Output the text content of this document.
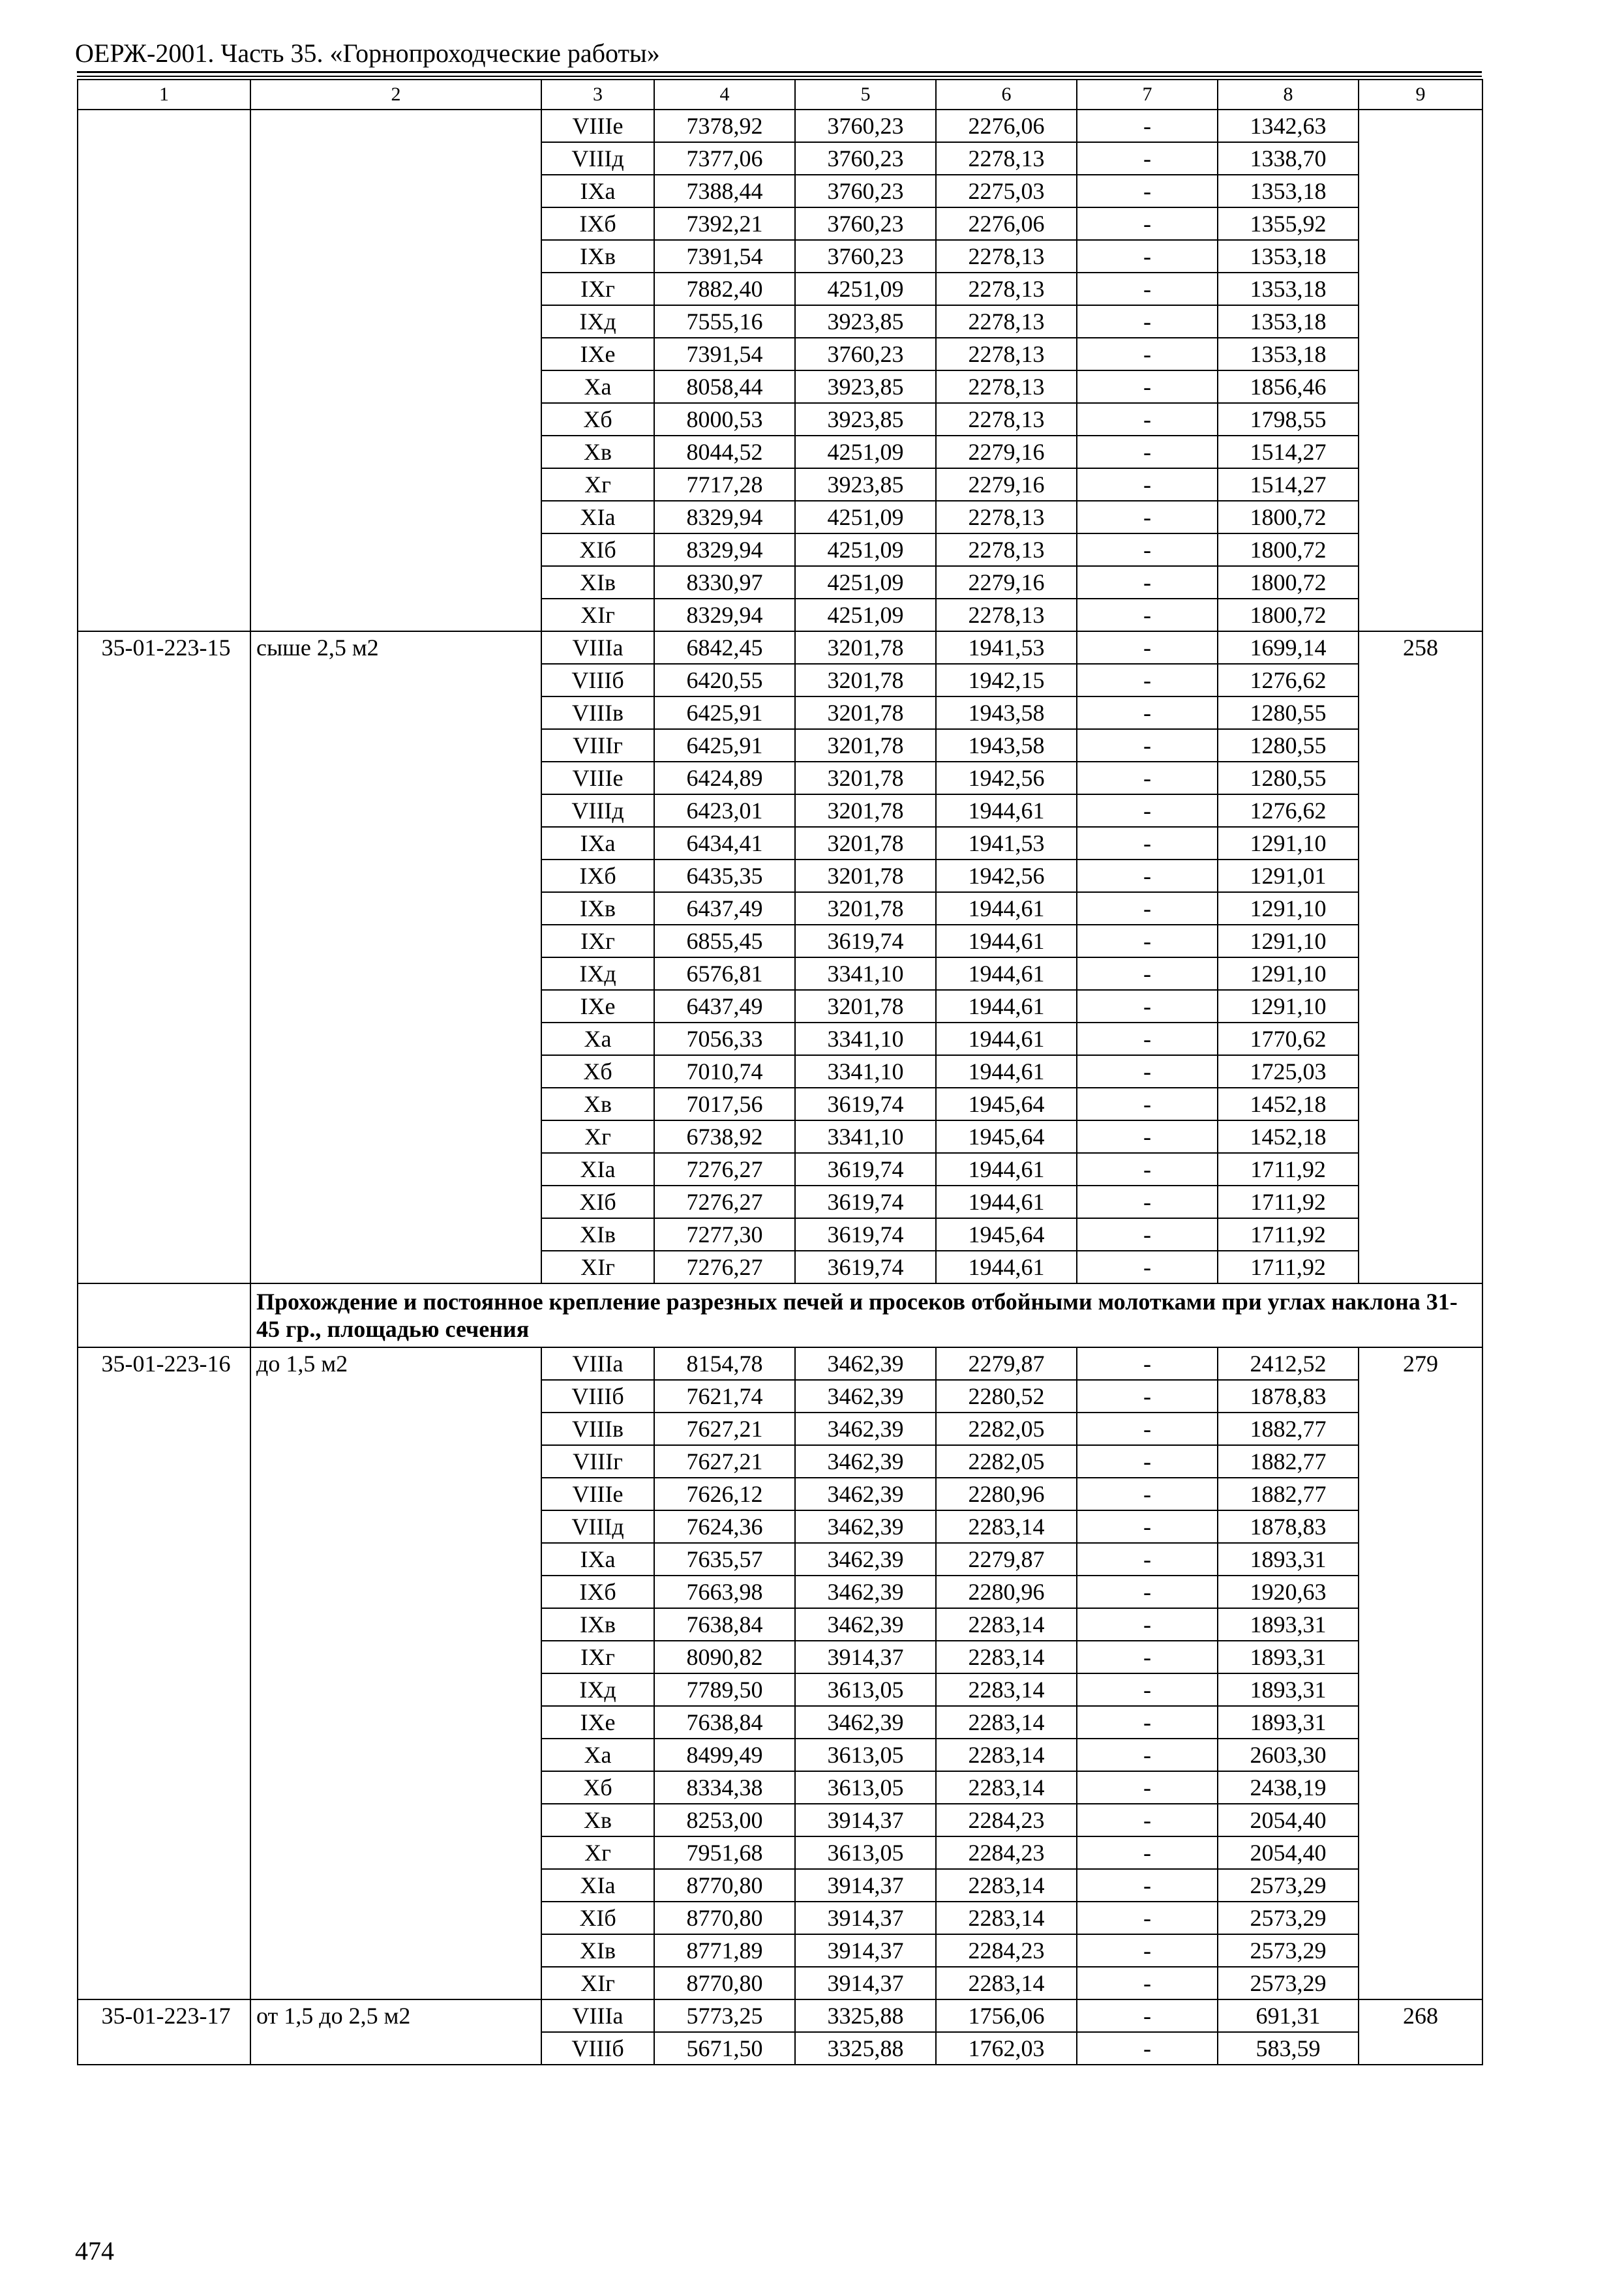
ОЕРЖ-2001. Часть 35. «Горнопроходческие работы»
1	2	3	4	5	6	7	8	9
		VIIIе	7378,92	3760,23	2276,06	-	1342,63	
		VIIIд	7377,06	3760,23	2278,13	-	1338,70	
		IXа	7388,44	3760,23	2275,03	-	1353,18	
		IXб	7392,21	3760,23	2276,06	-	1355,92	
		IXв	7391,54	3760,23	2278,13	-	1353,18	
		IXг	7882,40	4251,09	2278,13	-	1353,18	
		IXд	7555,16	3923,85	2278,13	-	1353,18	
		IXе	7391,54	3760,23	2278,13	-	1353,18	
		Xа	8058,44	3923,85	2278,13	-	1856,46	
		Xб	8000,53	3923,85	2278,13	-	1798,55	
		Xв	8044,52	4251,09	2279,16	-	1514,27	
		Xг	7717,28	3923,85	2279,16	-	1514,27	
		XIа	8329,94	4251,09	2278,13	-	1800,72	
		XIб	8329,94	4251,09	2278,13	-	1800,72	
		XIв	8330,97	4251,09	2279,16	-	1800,72	
		XIг	8329,94	4251,09	2278,13	-	1800,72	
35-01-223-15	сыше 2,5 м2	VIIIа	6842,45	3201,78	1941,53	-	1699,14	258
		VIIIб	6420,55	3201,78	1942,15	-	1276,62	
		VIIIв	6425,91	3201,78	1943,58	-	1280,55	
		VIIIг	6425,91	3201,78	1943,58	-	1280,55	
		VIIIе	6424,89	3201,78	1942,56	-	1280,55	
		VIIIд	6423,01	3201,78	1944,61	-	1276,62	
		IXа	6434,41	3201,78	1941,53	-	1291,10	
		IXб	6435,35	3201,78	1942,56	-	1291,01	
		IXв	6437,49	3201,78	1944,61	-	1291,10	
		IXг	6855,45	3619,74	1944,61	-	1291,10	
		IXд	6576,81	3341,10	1944,61	-	1291,10	
		IXе	6437,49	3201,78	1944,61	-	1291,10	
		Xа	7056,33	3341,10	1944,61	-	1770,62	
		Xб	7010,74	3341,10	1944,61	-	1725,03	
		Xв	7017,56	3619,74	1945,64	-	1452,18	
		Xг	6738,92	3341,10	1945,64	-	1452,18	
		XIа	7276,27	3619,74	1944,61	-	1711,92	
		XIб	7276,27	3619,74	1944,61	-	1711,92	
		XIв	7277,30	3619,74	1945,64	-	1711,92	
		XIг	7276,27	3619,74	1944,61	-	1711,92	
	Прохождение и постоянное крепление разрезных печей и просеков отбойными молотками при углах наклона 31-45 гр., площадью сечения							
35-01-223-16	до 1,5 м2	VIIIа	8154,78	3462,39	2279,87	-	2412,52	279
		VIIIб	7621,74	3462,39	2280,52	-	1878,83	
		VIIIв	7627,21	3462,39	2282,05	-	1882,77	
		VIIIг	7627,21	3462,39	2282,05	-	1882,77	
		VIIIе	7626,12	3462,39	2280,96	-	1882,77	
		VIIIд	7624,36	3462,39	2283,14	-	1878,83	
		IXа	7635,57	3462,39	2279,87	-	1893,31	
		IXб	7663,98	3462,39	2280,96	-	1920,63	
		IXв	7638,84	3462,39	2283,14	-	1893,31	
		IXг	8090,82	3914,37	2283,14	-	1893,31	
		IXд	7789,50	3613,05	2283,14	-	1893,31	
		IXе	7638,84	3462,39	2283,14	-	1893,31	
		Xа	8499,49	3613,05	2283,14	-	2603,30	
		Xб	8334,38	3613,05	2283,14	-	2438,19	
		Xв	8253,00	3914,37	2284,23	-	2054,40	
		Xг	7951,68	3613,05	2284,23	-	2054,40	
		XIа	8770,80	3914,37	2283,14	-	2573,29	
		XIб	8770,80	3914,37	2283,14	-	2573,29	
		XIв	8771,89	3914,37	2284,23	-	2573,29	
		XIг	8770,80	3914,37	2283,14	-	2573,29	
35-01-223-17	от 1,5 до 2,5 м2	VIIIа	5773,25	3325,88	1756,06	-	691,31	268
		VIIIб	5671,50	3325,88	1762,03	-	583,59	
474
